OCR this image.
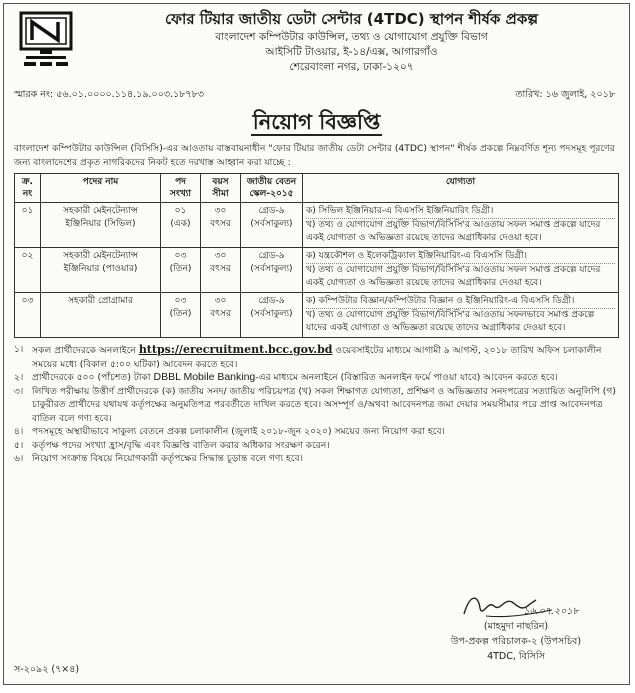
ফোর টিয়ার জাতীয় ডেটা সেন্টার (4TDC) স্থাপন শীর্ষক প্রকল্প
বাংলাদেশ কম্পিউটার কাউন্সিল, তথ্য ও যোগাযোগ প্রযুক্তি বিভাগ
আইসিটি টাওয়ার, ই-১৪/এক্স, আগারগাঁও
শেরেবাংলা নগর, ঢাকা-১২০৭
স্মারক নং: ৫৬.০১.০০০০.১১৪.১৯.০০৩.১৮৭৮৩	তারিখ: ১৬ জুলাই, ২০১৮
নিয়োগ বিজ্ঞপ্তি
বাংলাদেশ কম্পিউটার কাউন্সিল (বিসিসি)-এর আওতায় বাস্তবায়নাধীন "ফোর টিয়ার জাতীয় ডেটা সেন্টার (4TDC) স্থাপন" শীর্ষক প্রকল্পে নিম্নবর্ণিত শূন্য পদসমূহ পূরণের জন্য বাংলাদেশের প্রকৃত নাগরিকদের নিকট হতে দরখাস্ত আহ্বান করা যাচ্ছে :
ক্র. নং	পদের নাম	পদ সংখ্যা	বয়স সীমা	জাতীয় বেতন স্কেল-২০১৫	যোগ্যতা
০১	সহকারী মেইনটেন্যান্স ইঞ্জিনিয়ার (সিভিল)	০১ (এক)	৩০ বৎসর	গ্রেড-৯ (সর্বসাকুল্য)	ক) সিভিল ইঞ্জিনিয়ার-এ বিএসসি ইঞ্জিনিয়ারিং ডিগ্রী।
খ) তথ্য ও যোগাযোগ প্রযুক্তি বিভাগ/বিসিসি'র আওতায় সফল সমাপ্ত প্রকল্পে যাদের একই যোগ্যতা ও অভিজ্ঞতা রয়েছে তাদের অগ্রাধিকার দেওয়া হবে।

০২	সহকারী মেইনটেন্যান্স ইঞ্জিনিয়ার (পাওয়ার)	০৩ (তিন)	৩০ বৎসর	গ্রেড-৯ (সর্বসাকুল্য)	ক) যন্ত্রকৌশল ও ইলেকট্রিক্যাল ইঞ্জিনিয়ারিং-এ বিএসসি ডিগ্রী।
খ) তথ্য ও যোগাযোগ প্রযুক্তি বিভাগ/বিসিসি'র আওতায় সফল সমাপ্ত প্রকল্পে যাদের একই যোগ্যতা ও অভিজ্ঞতা রয়েছে তাদের অগ্রাধিকার দেওয়া হবে।

০৩	সহকারী প্রোগ্রামার	০৩ (তিন)	৩০ বৎসর	গ্রেড-৯ (সর্বসাকুল্য)	ক) কম্পিউটার বিজ্ঞান/কম্পিউটার বিজ্ঞান ও ইঞ্জিনিয়ারিং-এ বিএসসি ডিগ্রী।
খ) তথ্য ও যোগাযোগ প্রযুক্তি বিভাগ/বিসিসি'র আওতায় সফলভাবে সমাপ্ত প্রকল্পে যাদের একই যোগ্যতা ও অভিজ্ঞতা রয়েছে তাদের অগ্রাধিকার দেওয়া হবে।
১। সকল প্রার্থীদেরকে অনলাইনে https://erecruitment.bcc.gov.bd ওয়েবসাইটের মাধ্যমে আগামী ৯ আগস্ট, ২০১৮ তারিখ অফিস চলাকালীন সময়ের মধ্যে (বিকাল ৫:০০ ঘটিকা) আবেদন করতে হবে।
২। প্রার্থীদেরকে ৫০০ (পাঁচশত) টাকা DBBL Mobile Banking-এর মাধ্যমে অনলাইনে (বিস্তারিত অনলাইন ফর্মে পাওয়া যাবে) আবেদন করতে হবে।
৩। লিখিত পরীক্ষায় উত্তীর্ণ প্রার্থীদেরকে (ক) জাতীয় সনদ/ জাতীয় পরিচয়পত্র (খ) সকল শিক্ষাগত যোগ্যতা, প্রশিক্ষণ ও অভিজ্ঞতার সনদপত্রের সত্যায়িত অনুলিপি (গ) চাকুরীরত প্রার্থীদের যথাযথ কর্তৃপক্ষের অনুমতিপত্র পরবর্তীতে দাখিল করতে হবে। অসম্পূর্ণ ও/অথবা আবেদনপত্র জমা দেয়ার সময়সীমার পরে প্রাপ্ত আবেদনপত্র বাতিল বলে গণ্য হবে।
৪। পদসমূহে অস্থায়ীভাবে সাকুল্য বেতনে প্রকল্প চলাকালীন (জুলাই ২০১৮-জুন ২০২০) সময়ের জন্য নিয়োগ করা হবে।
৫। কর্তৃপক্ষ পদের সংখ্যা হ্রাস/বৃদ্ধি এবং বিজ্ঞপ্তি বাতিল করার অধিকার সংরক্ষণ করেন।
৬। নিয়োগ সংক্রান্ত বিষয়ে নিয়োগকারী কর্তৃপক্ষের সিদ্ধান্ত চূড়ান্ত বলে গণ্য হবে।
১৬.০৭.২০১৮
(মাহমুদা নাছরিন)
উপ-প্রকল্প পরিচালক-২ (উপসচিব)
4TDC, বিসিসি
স-২০৯২ (৭×৪)
